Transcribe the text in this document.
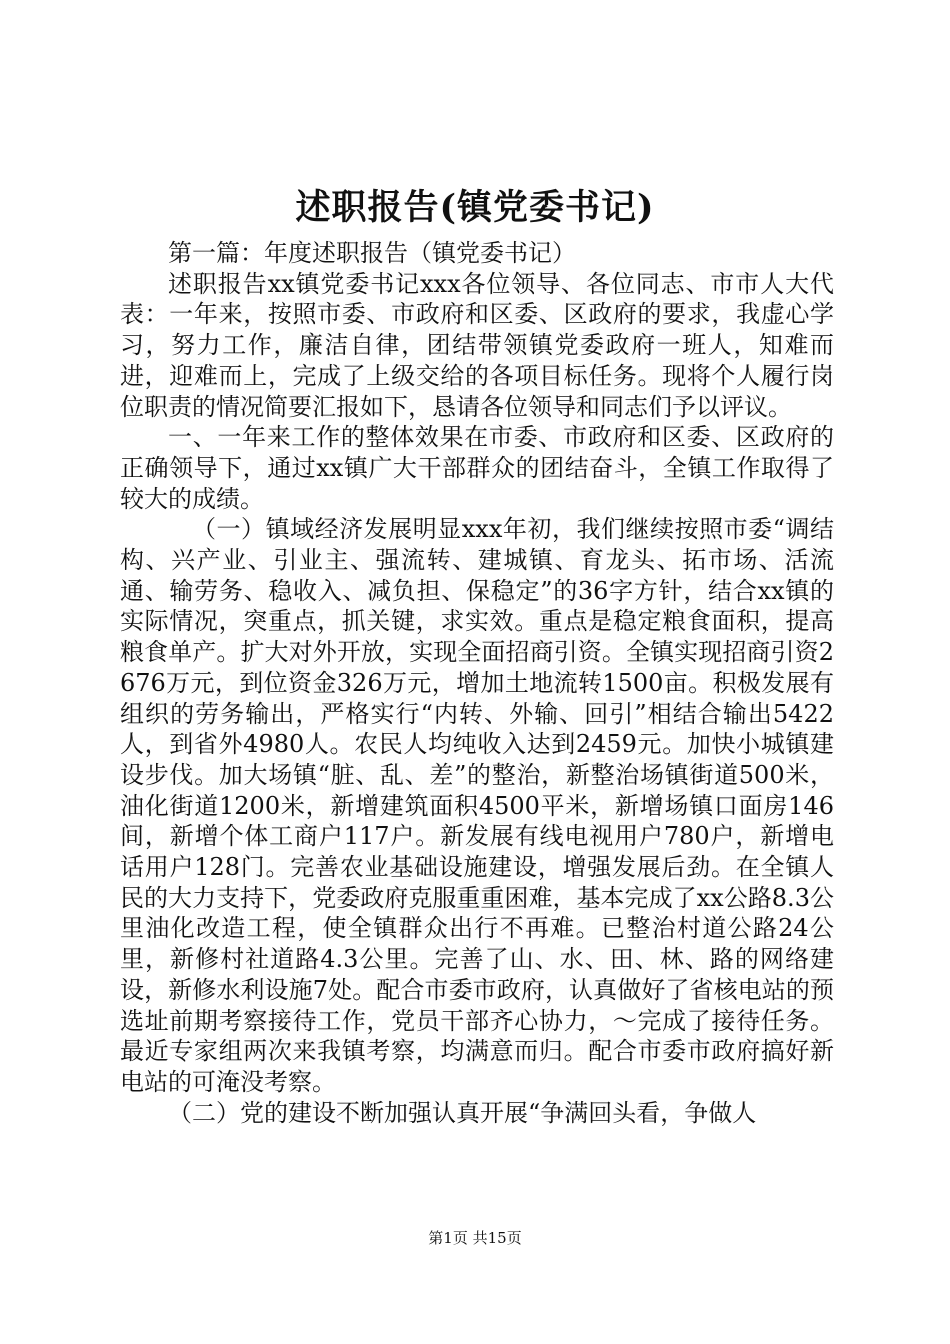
述职报告(镇党委书记)

第一篇：年度述职报告（镇党委书记）

述职报告xx镇党委书记xxx各位领导、各位同志、市市人大代表：一年来，按照市委、市政府和区委、区政府的要求，我虚心学习，努力工作，廉洁自律，团结带领镇党委政府一班人，知难而进，迎难而上，完成了上级交给的各项目标任务。现将个人履行岗位职责的情况简要汇报如下，恳请各位领导和同志们予以评议。

一、一年来工作的整体效果在市委、市政府和区委、区政府的正确领导下，通过xx镇广大干部群众的团结奋斗，全镇工作取得了较大的成绩。

（一）镇域经济发展明显xxx年初，我们继续按照市委“调结构、兴产业、引业主、强流转、建城镇、育龙头、拓市场、活流通、输劳务、稳收入、减负担、保稳定”的36字方针，结合xx镇的实际情况，突重点，抓关键，求实效。重点是稳定粮食面积，提高粮食单产。扩大对外开放，实现全面招商引资。全镇实现招商引资2676万元，到位资金326万元，增加土地流转1500亩。积极发展有组织的劳务输出，严格实行“内转、外输、回引”相结合输出5422人，到省外4980人。农民人均纯收入达到2459元。加快小城镇建设步伐。加大场镇“脏、乱、差”的整治，新整治场镇街道500米，油化街道1200米，新增建筑面积4500平米，新增场镇口面房146间，新增个体工商户117户。新发展有线电视用户780户，新增电话用户128门。完善农业基础设施建设，增强发展后劲。在全镇人民的大力支持下，党委政府克服重重困难，基本完成了xx公路8.3公里油化改造工程，使全镇群众出行不再难。已整治村道公路24公里，新修村社道路4.3公里。完善了山、水、田、林、路的网络建设，新修水利设施7处。配合市委市政府，认真做好了省核电站的预选址前期考察接待工作，党员干部齐心协力，～完成了接待任务。最近专家组两次来我镇考察，均满意而归。配合市委市政府搞好新电站的可淹没考察。

（二）党的建设不断加强认真开展“争满回头看，争做人

第1页 共15页
